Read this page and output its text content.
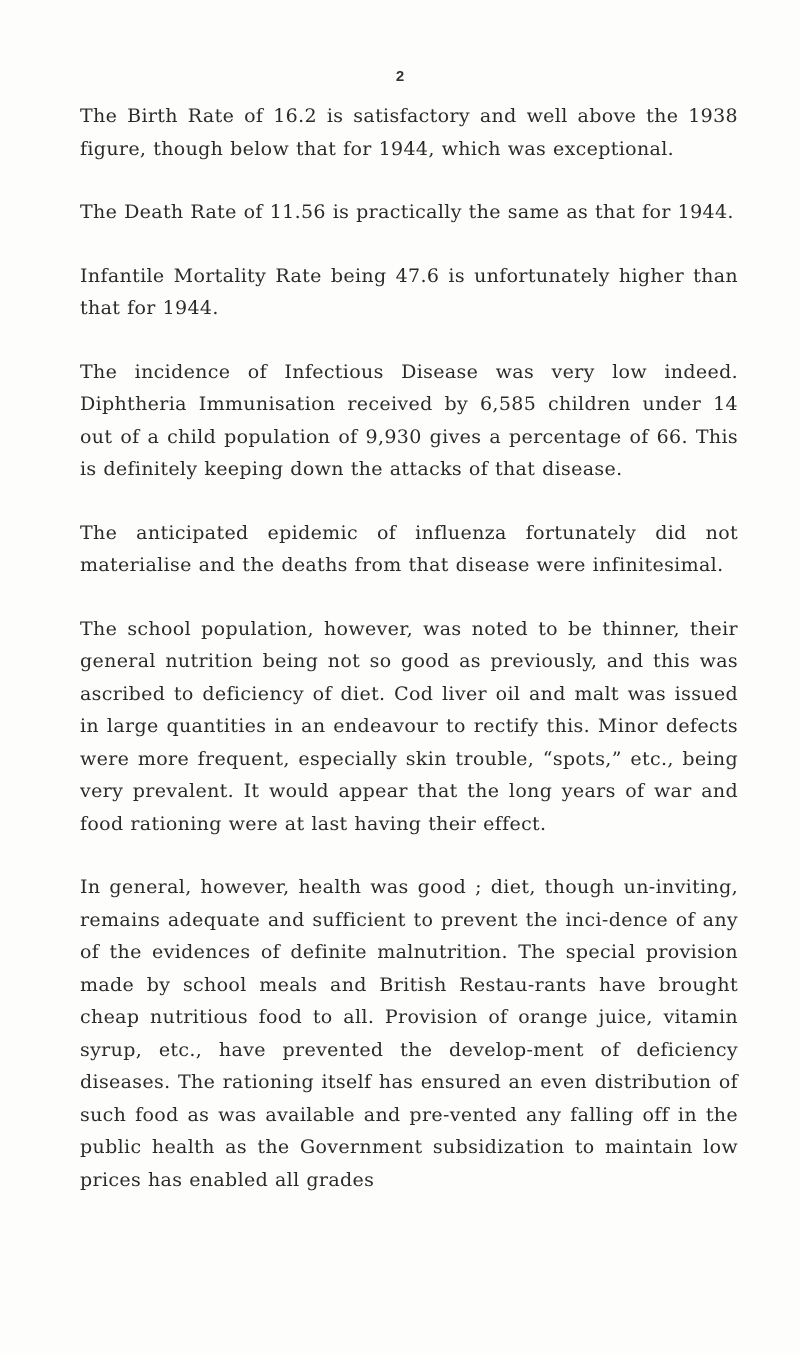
2

The Birth Rate of 16.2 is satisfactory and well above the 1938 figure, though below that for 1944, which was exceptional.

The Death Rate of 11.56 is practically the same as that for 1944.

Infantile Mortality Rate being 47.6 is unfortunately higher than that for 1944.

The incidence of Infectious Disease was very low indeed. Diphtheria Immunisation received by 6,585 children under 14 out of a child population of 9,930 gives a percentage of 66. This is definitely keeping down the attacks of that disease.

The anticipated epidemic of influenza fortunately did not materialise and the deaths from that disease were infinitesimal.

The school population, however, was noted to be thinner, their general nutrition being not so good as previously, and this was ascribed to deficiency of diet. Cod liver oil and malt was issued in large quantities in an endeavour to rectify this. Minor defects were more frequent, especially skin trouble, “spots,” etc., being very prevalent. It would appear that the long years of war and food rationing were at last having their effect.

In general, however, health was good ; diet, though un-inviting, remains adequate and sufficient to prevent the inci-dence of any of the evidences of definite malnutrition. The special provision made by school meals and British Restau-rants have brought cheap nutritious food to all. Provision of orange juice, vitamin syrup, etc., have prevented the develop-ment of deficiency diseases. The rationing itself has ensured an even distribution of such food as was available and pre-vented any falling off in the public health as the Government subsidization to maintain low prices has enabled all grades
